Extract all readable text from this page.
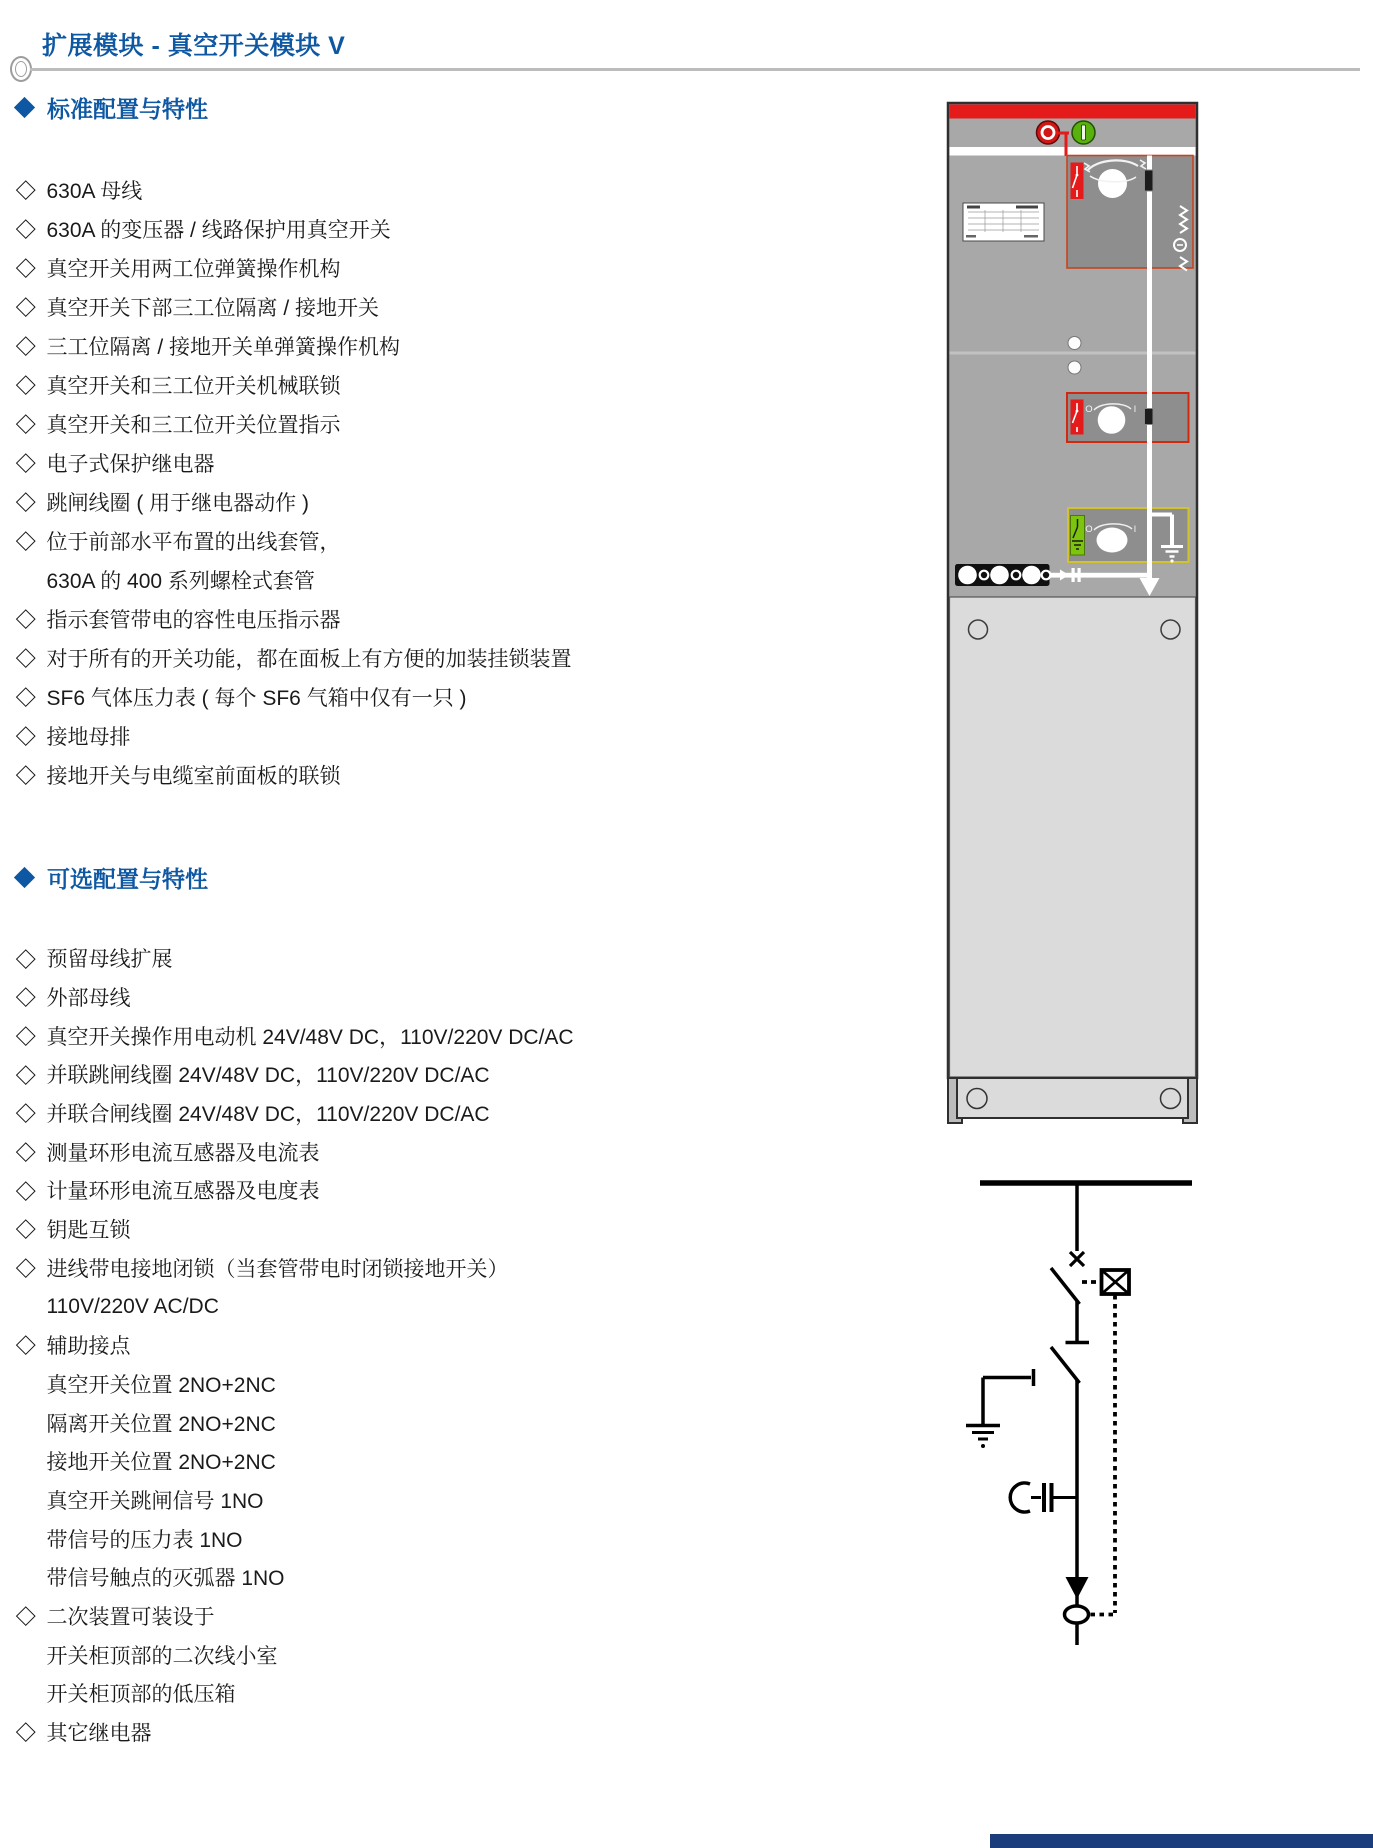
扩展模块 - 真空开关模块 V
标准配置与特性
630A 母线
630A 的变压器 / 线路保护用真空开关
真空开关用两工位弹簧操作机构
真空开关下部三工位隔离 / 接地开关
三工位隔离 / 接地开关单弹簧操作机构
真空开关和三工位开关机械联锁
真空开关和三工位开关位置指示
电子式保护继电器
跳闸线圈 ( 用于继电器动作 )
位于前部水平布置的出线套管，
630A 的 400 系列螺栓式套管
指示套管带电的容性电压指示器
对于所有的开关功能，都在面板上有方便的加装挂锁装置
SF6 气体压力表 ( 每个 SF6 气箱中仅有一只 )
接地母排
接地开关与电缆室前面板的联锁
可选配置与特性
预留母线扩展
外部母线
真空开关操作用电动机 24V/48V DC，110V/220V DC/AC
并联跳闸线圈 24V/48V DC，110V/220V DC/AC
并联合闸线圈 24V/48V DC，110V/220V DC/AC
测量环形电流互感器及电流表
计量环形电流互感器及电度表
钥匙互锁
进线带电接地闭锁（当套管带电时闭锁接地开关）
110V/220V AC/DC
辅助接点
真空开关位置 2NO+2NC
隔离开关位置 2NO+2NC
接地开关位置 2NO+2NC
真空开关跳闸信号 1NO
带信号的压力表 1NO
带信号触点的灭弧器 1NO
二次装置可装设于
开关柜顶部的二次线小室
开关柜顶部的低压箱
其它继电器
O	I
O	I
